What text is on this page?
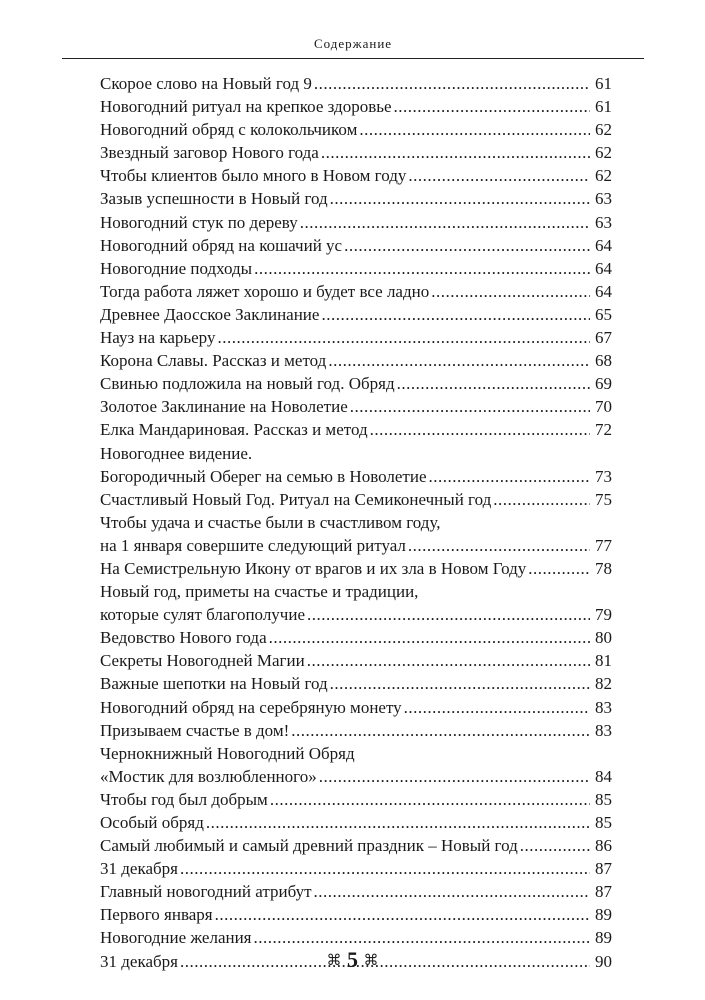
Содержание
Скорое слово на Новый год 9 .....	61
Новогодний ритуал на крепкое здоровье .....	61
Новогодний обряд с колокольчиком .....	62
Звездный заговор Нового года .....	62
Чтобы клиентов было много в Новом году .....	62
Зазыв успешности в Новый год .....	63
Новогодний стук по дереву .....	63
Новогодний обряд на кошачий ус .....	64
Новогодние подходы .....	64
Тогда работа ляжет хорошо и будет все ладно .....	64
Древнее Даосское Заклинание .....	65
Науз на карьеру .....	67
Корона Славы. Рассказ и метод .....	68
Свинью подложила на новый год. Обряд .....	69
Золотое Заклинание на Новолетие .....	70
Елка Мандариновая. Рассказ и метод .....	72
Новогоднее видение.
Богородичный Оберег на семью в Новолетие .....	73
Счастливый Новый Год. Ритуал на Семиконечный год .....	75
Чтобы удача и счастье были в счастливом году,
на 1 января совершите следующий ритуал .....	77
На Семистрельную Икону от врагов и их зла в Новом Году .....	78
Новый год, приметы на счастье и традиции,
которые сулят благополучие .....	79
Ведовство Нового года .....	80
Секреты Новогодней Магии .....	81
Важные шепотки на Новый год .....	82
Новогодний обряд на серебряную монету .....	83
Призываем счастье в дом! .....	83
Чернокнижный Новогодний Обряд
«Мостик для возлюбленного» .....	84
Чтобы год был добрым .....	85
Особый обряд .....	85
Самый любимый и самый древний праздник – Новый год .....	86
31 декабря .....	87
Главный новогодний атрибут .....	87
Первого января .....	89
Новогодние желания .....	89
31 декабря .....	90
⌘ 5 ⌘
